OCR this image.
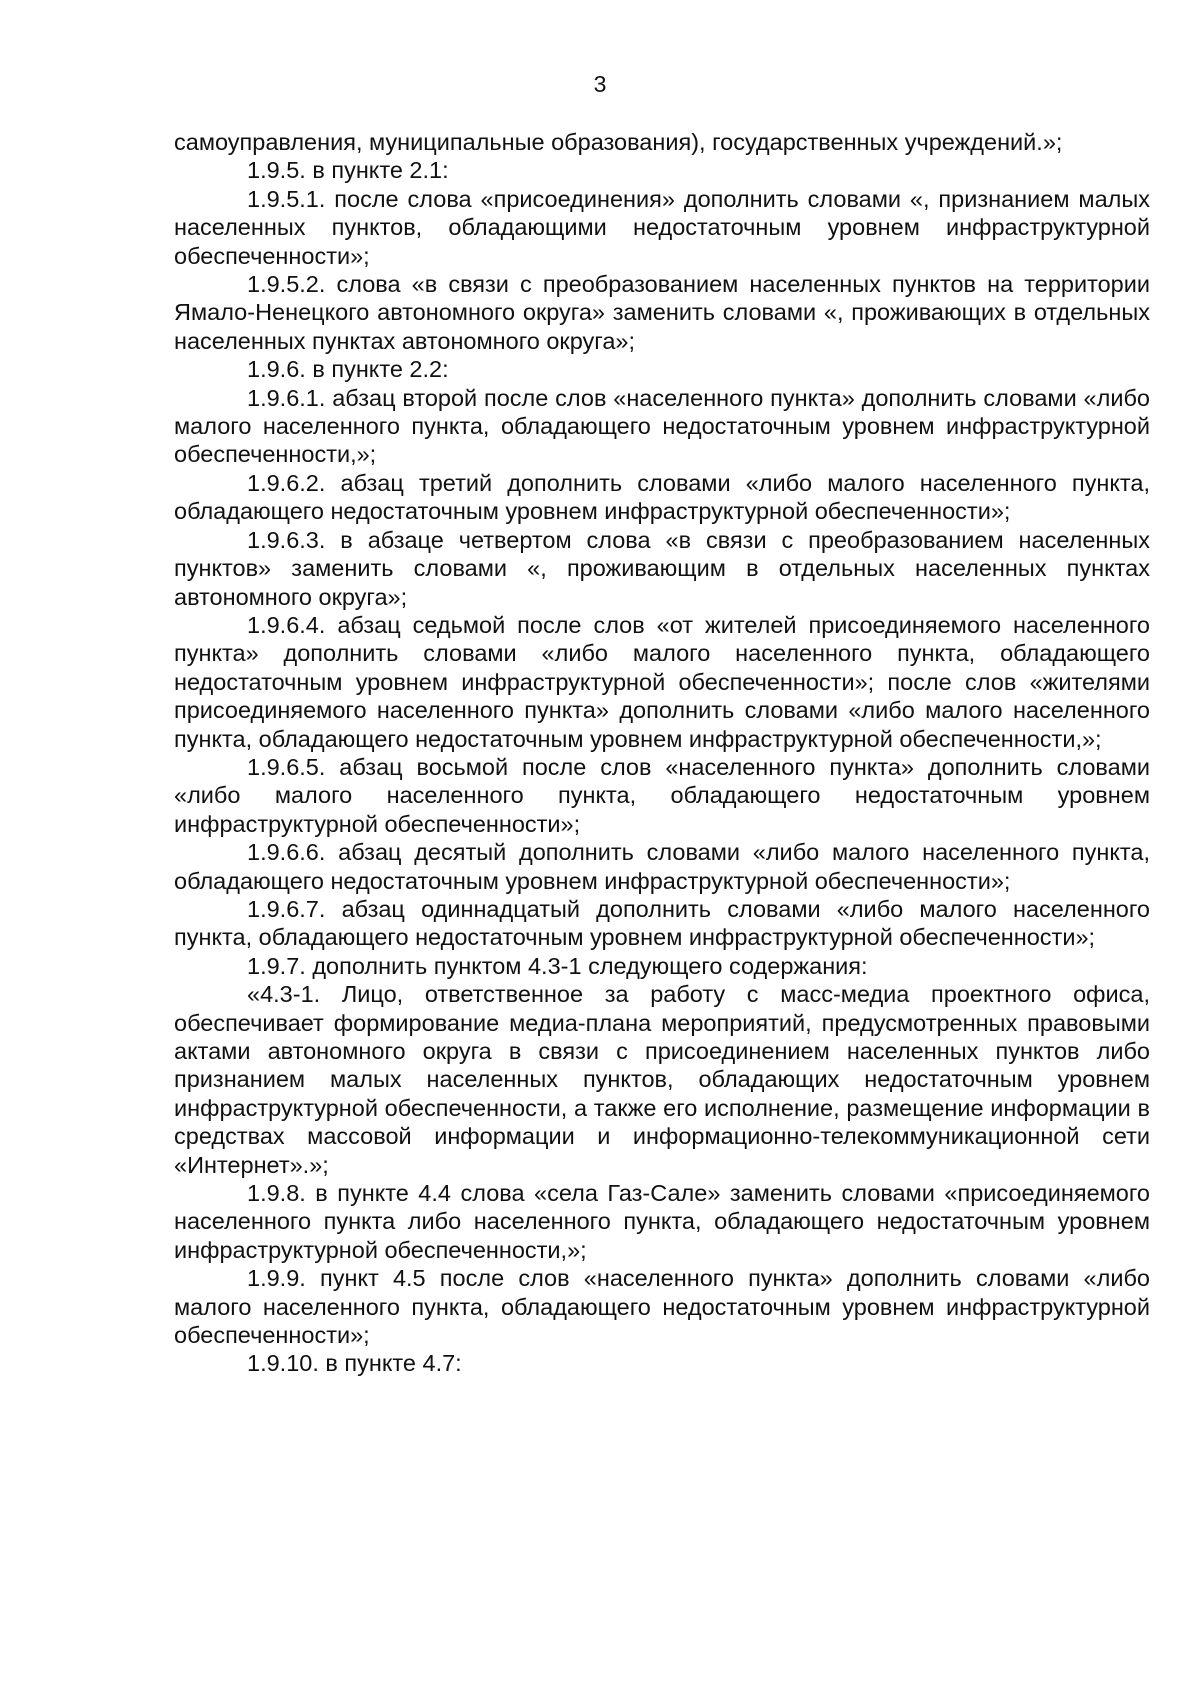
3

самоуправления, муниципальные образования), государственных учреждений.»;

1.9.5. в пункте 2.1:

1.9.5.1. после слова «присоединения» дополнить словами «, признанием малых населенных пунктов, обладающими недостаточным уровнем инфраструктурной обеспеченности»;

1.9.5.2. слова «в связи с преобразованием населенных пунктов на территории Ямало-Ненецкого автономного округа» заменить словами «, проживающих в отдельных населенных пунктах автономного округа»;

1.9.6. в пункте 2.2:

1.9.6.1. абзац второй после слов «населенного пункта» дополнить словами «либо малого населенного пункта, обладающего недостаточным уровнем инфраструктурной обеспеченности,»;

1.9.6.2. абзац третий дополнить словами «либо малого населенного пункта, обладающего недостаточным уровнем инфраструктурной обеспеченности»;

1.9.6.3. в абзаце четвертом слова «в связи с преобразованием населенных пунктов» заменить словами «, проживающим в отдельных населенных пунктах автономного округа»;

1.9.6.4. абзац седьмой после слов «от жителей присоединяемого населенного пункта» дополнить словами «либо малого населенного пункта, обладающего недостаточным уровнем инфраструктурной обеспеченности»; после слов «жителями присоединяемого населенного пункта» дополнить словами «либо малого населенного пункта, обладающего недостаточным уровнем инфраструктурной обеспеченности,»;

1.9.6.5. абзац восьмой после слов «населенного пункта» дополнить словами «либо малого населенного пункта, обладающего недостаточным уровнем инфраструктурной обеспеченности»;

1.9.6.6. абзац десятый дополнить словами «либо малого населенного пункта, обладающего недостаточным уровнем инфраструктурной обеспеченности»;

1.9.6.7. абзац одиннадцатый дополнить словами «либо малого населенного пункта, обладающего недостаточным уровнем инфраструктурной обеспеченности»;

1.9.7. дополнить пунктом 4.3-1 следующего содержания:

«4.3-1. Лицо, ответственное за работу с масс-медиа проектного офиса, обеспечивает формирование медиа-плана мероприятий, предусмотренных правовыми актами автономного округа в связи с присоединением населенных пунктов либо признанием малых населенных пунктов, обладающих недостаточным уровнем инфраструктурной обеспеченности, а также его исполнение, размещение информации в средствах массовой информации и информационно-телекоммуникационной сети «Интернет».»;

1.9.8. в пункте 4.4 слова «села Газ-Сале» заменить словами «присоединяемого населенного пункта либо населенного пункта, обладающего недостаточным уровнем инфраструктурной обеспеченности,»;

1.9.9. пункт 4.5 после слов «населенного пункта» дополнить словами «либо малого населенного пункта, обладающего недостаточным уровнем инфраструктурной обеспеченности»;

1.9.10. в пункте 4.7:
